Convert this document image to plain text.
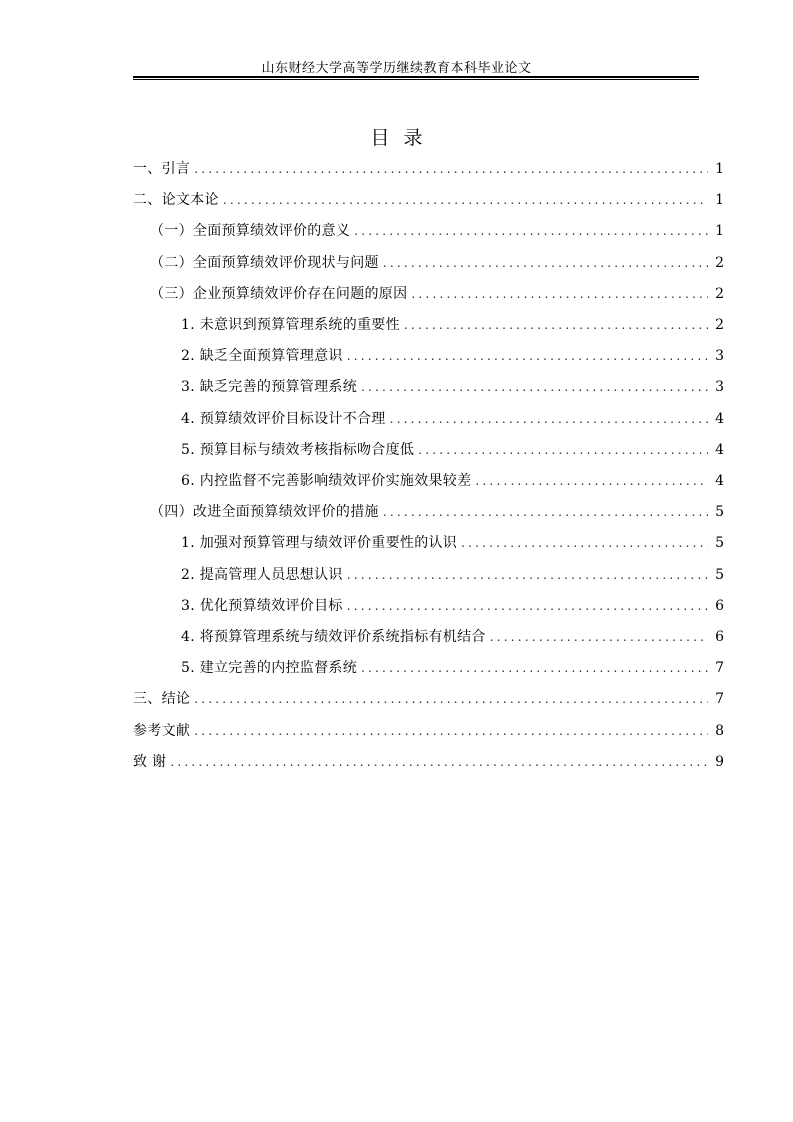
山东财经大学高等学历继续教育本科毕业论文
目录
一、引言 .....	1
二、论文本论 .....	1
（一）全面预算绩效评价的意义 .....	1
（二）全面预算绩效评价现状与问题 .....	2
（三）企业预算绩效评价存在问题的原因 .....	2
1. 未意识到预算管理系统的重要性 .....	2
2. 缺乏全面预算管理意识 .....	3
3. 缺乏完善的预算管理系统 .....	3
4. 预算绩效评价目标设计不合理 .....	4
5. 预算目标与绩效考核指标吻合度低 .....	4
6. 内控监督不完善影响绩效评价实施效果较差 .....	4
（四）改进全面预算绩效评价的措施 .....	5
1. 加强对预算管理与绩效评价重要性的认识 .....	5
2. 提高管理人员思想认识 .....	5
3. 优化预算绩效评价目标 .....	6
4. 将预算管理系统与绩效评价系统指标有机结合 .....	6
5. 建立完善的内控监督系统 .....	7
三、结论 .....	7
参考文献 .....	8
致 谢 .....	9
